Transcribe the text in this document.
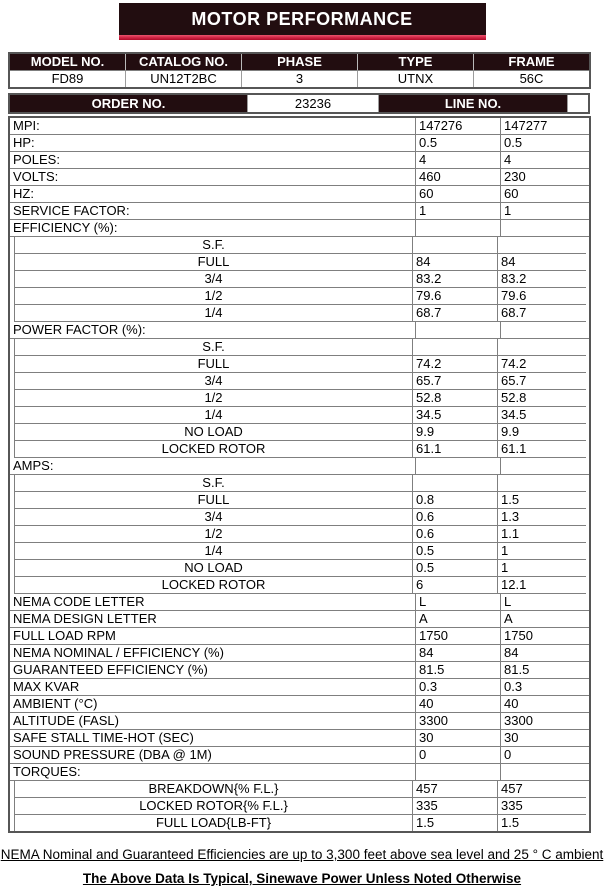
MOTOR PERFORMANCE
MODEL NO.	CATALOG NO.	PHASE	TYPE	FRAME
FD89	UN12T2BC	3	UTNX	56C
ORDER NO.	23236	LINE NO.
MPI:	147276	147277
HP:	0.5	0.5
POLES:	4	4
VOLTS:	460	230
HZ:	60	60
SERVICE FACTOR:	1	1
EFFICIENCY (%):
S.F.
FULL	84	84
3/4	83.2	83.2
1/2	79.6	79.6
1/4	68.7	68.7
POWER FACTOR (%):
S.F.
FULL	74.2	74.2
3/4	65.7	65.7
1/2	52.8	52.8
1/4	34.5	34.5
NO LOAD	9.9	9.9
LOCKED ROTOR	61.1	61.1
AMPS:
S.F.
FULL	0.8	1.5
3/4	0.6	1.3
1/2	0.6	1.1
1/4	0.5	1
NO LOAD	0.5	1
LOCKED ROTOR	6	12.1
NEMA CODE LETTER	L	L
NEMA DESIGN LETTER	A	A
FULL LOAD RPM	1750	1750
NEMA NOMINAL / EFFICIENCY (%)	84	84
GUARANTEED EFFICIENCY (%)	81.5	81.5
MAX KVAR	0.3	0.3
AMBIENT (°C)	40	40
ALTITUDE (FASL)	3300	3300
SAFE STALL TIME-HOT (SEC)	30	30
SOUND PRESSURE (DBA @ 1M)	0	0
TORQUES:
BREAKDOWN{% F.L.}	457	457
LOCKED ROTOR{% F.L.}	335	335
FULL LOAD{LB-FT}	1.5	1.5
NEMA Nominal and Guaranteed Efficiencies are up to 3,300 feet above sea level and 25 ° C ambient
The Above Data Is Typical, Sinewave Power Unless Noted Otherwise
